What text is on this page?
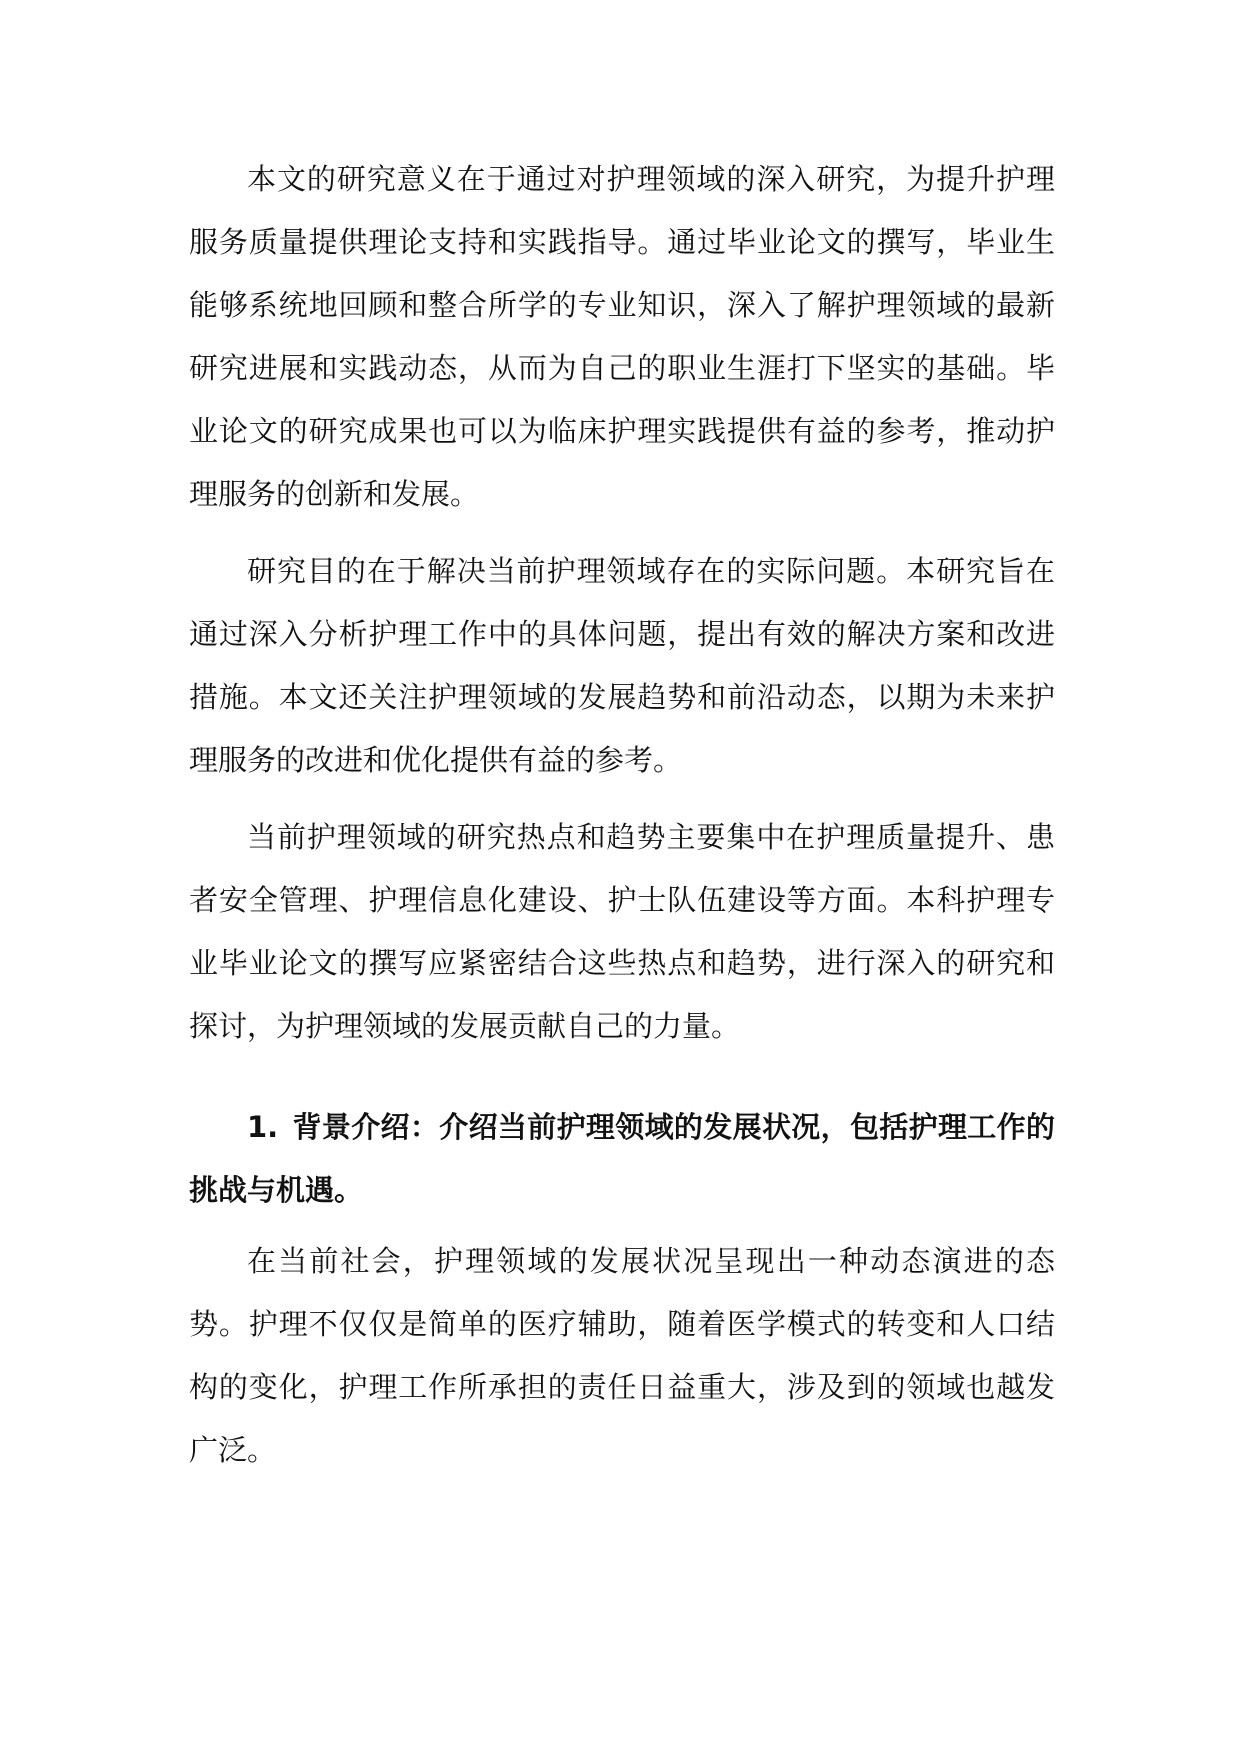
本文的研究意义在于通过对护理领域的深入研究，为提升护理服务质量提供理论支持和实践指导。通过毕业论文的撰写，毕业生能够系统地回顾和整合所学的专业知识，深入了解护理领域的最新研究进展和实践动态，从而为自己的职业生涯打下坚实的基础。毕业论文的研究成果也可以为临床护理实践提供有益的参考，推动护理服务的创新和发展。

研究目的在于解决当前护理领域存在的实际问题。本研究旨在通过深入分析护理工作中的具体问题，提出有效的解决方案和改进措施。本文还关注护理领域的发展趋势和前沿动态，以期为未来护理服务的改进和优化提供有益的参考。

当前护理领域的研究热点和趋势主要集中在护理质量提升、患者安全管理、护理信息化建设、护士队伍建设等方面。本科护理专业毕业论文的撰写应紧密结合这些热点和趋势，进行深入的研究和探讨，为护理领域的发展贡献自己的力量。

1. 背景介绍：介绍当前护理领域的发展状况，包括护理工作的挑战与机遇。

在当前社会，护理领域的发展状况呈现出一种动态演进的态势。护理不仅仅是简单的医疗辅助，随着医学模式的转变和人口结构的变化，护理工作所承担的责任日益重大，涉及到的领域也越发广泛。
